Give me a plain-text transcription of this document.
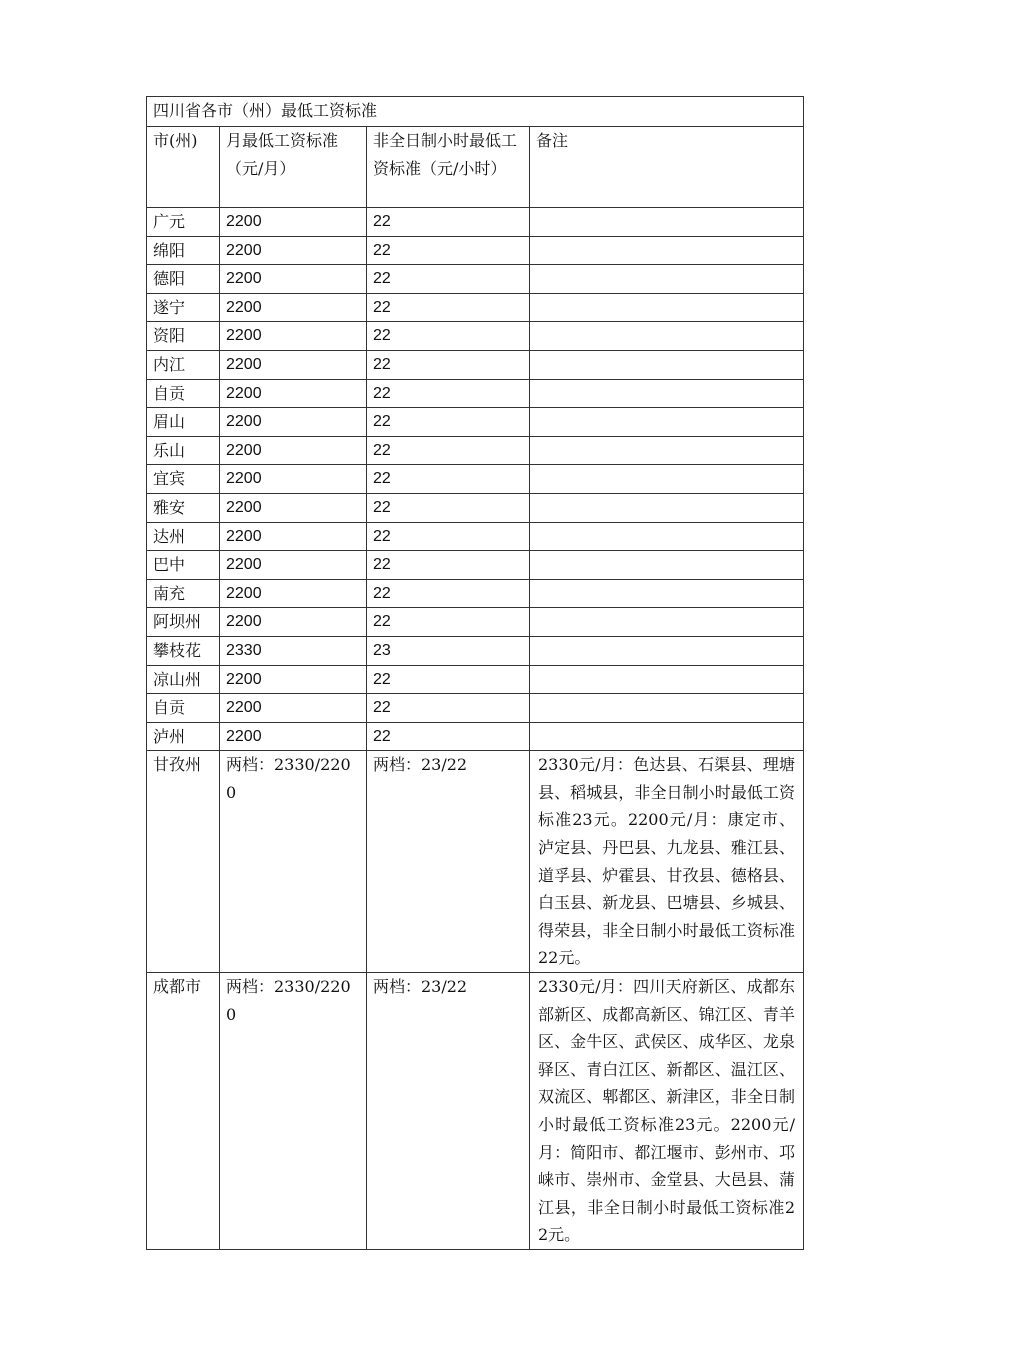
四川省各市（州）最低工资标准			
市(州)	月最低工资标准（元/月）	非全日制小时最低工资标准（元/小时）	备注
广元	2200	22	
绵阳	2200	22	
德阳	2200	22	
遂宁	2200	22	
资阳	2200	22	
内江	2200	22	
自贡	2200	22	
眉山	2200	22	
乐山	2200	22	
宜宾	2200	22	
雅安	2200	22	
达州	2200	22	
巴中	2200	22	
南充	2200	22	
阿坝州	2200	22	
攀枝花	2330	23	
凉山州	2200	22	
自贡	2200	22	
泸州	2200	22	
甘孜州	两档：2330/2200	两档：23/22	2330元/月：色达县、石渠县、理塘县、稻城县，非全日制小时最低工资标准23元。2200元/月：康定市、泸定县、丹巴县、九龙县、雅江县、道孚县、炉霍县、甘孜县、德格县、白玉县、新龙县、巴塘县、乡城县、得荣县，非全日制小时最低工资标准22元。
成都市	两档：2330/2200	两档：23/22	2330元/月：四川天府新区、成都东部新区、成都高新区、锦江区、青羊区、金牛区、武侯区、成华区、龙泉驿区、青白江区、新都区、温江区、双流区、郫都区、新津区，非全日制小时最低工资标准23元。2200元/月：简阳市、都江堰市、彭州市、邛崃市、崇州市、金堂县、大邑县、蒲江县，非全日制小时最低工资标准22元。
